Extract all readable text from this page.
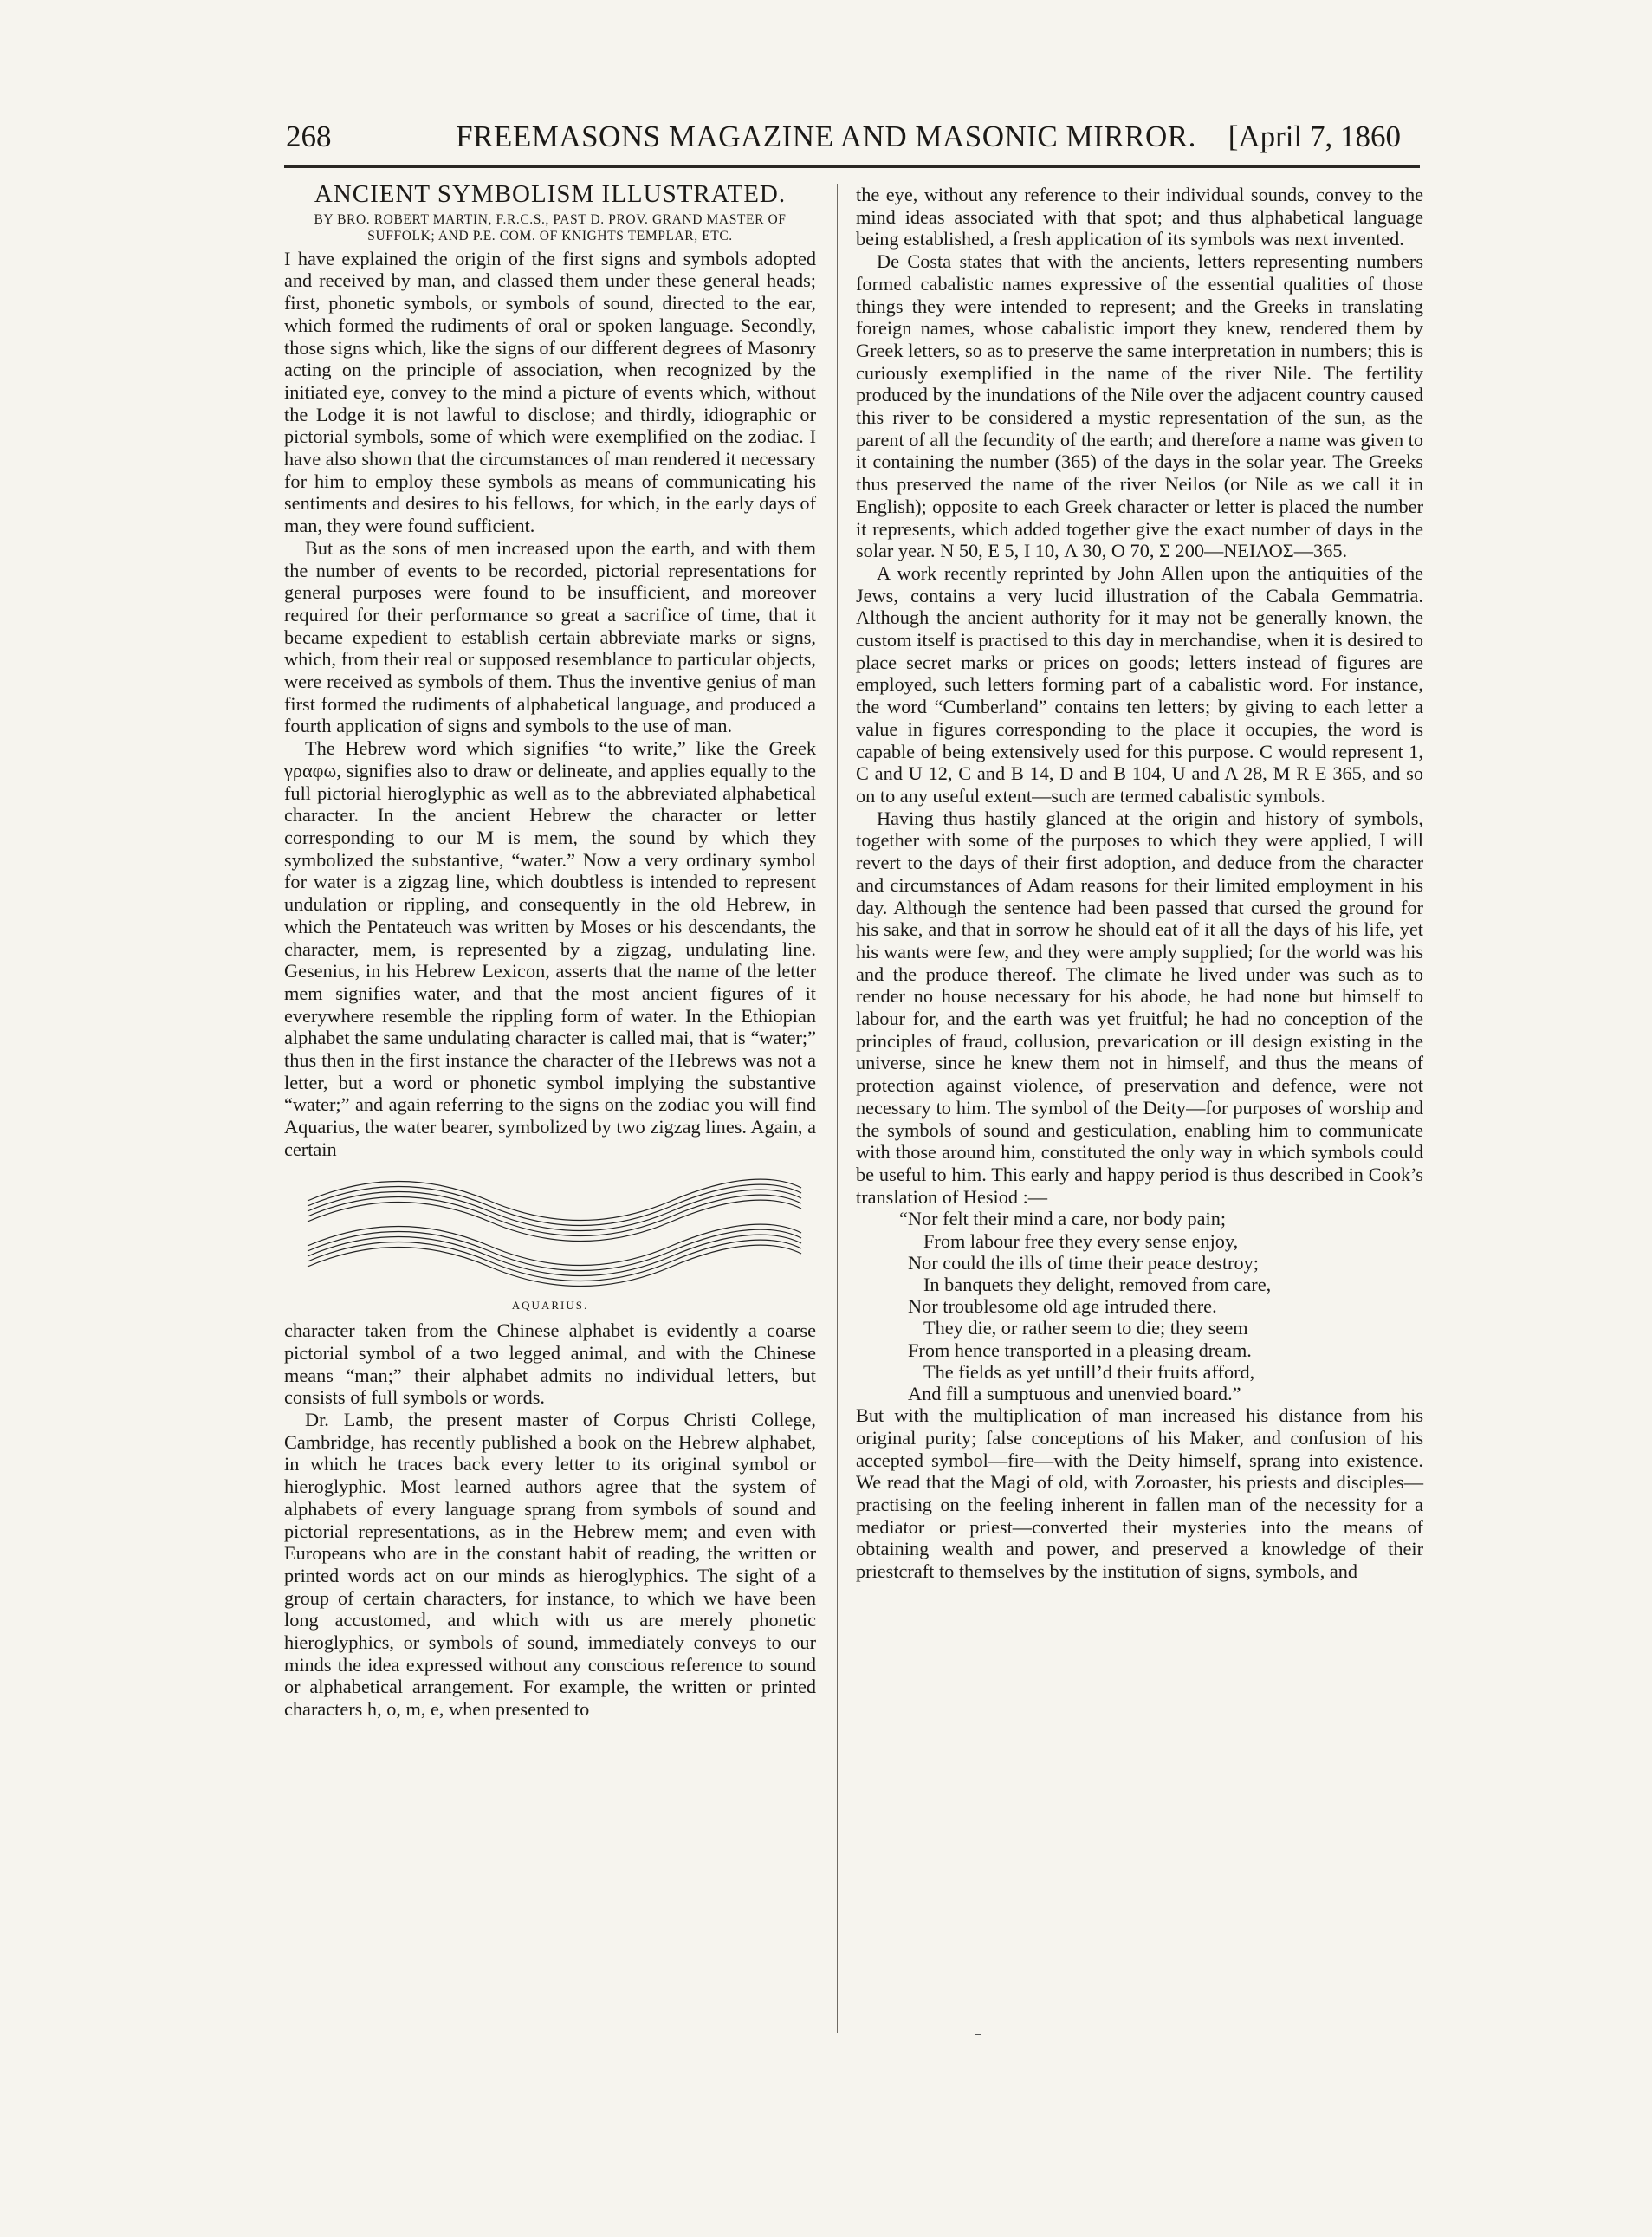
268	FREEMASONS MAGAZINE AND MASONIC MIRROR.	[April 7, 1860
ANCIENT SYMBOLISM ILLUSTRATED.
BY BRO. ROBERT MARTIN, F.R.C.S., PAST D. PROV. GRAND MASTER OF SUFFOLK; AND P.E. COM. OF KNIGHTS TEMPLAR, ETC.

I have explained the origin of the first signs and symbols adopted and received by man, and classed them under these general heads; first, phonetic symbols, or symbols of sound, directed to the ear, which formed the rudiments of oral or spoken language. Secondly, those signs which, like the signs of our different degrees of Masonry acting on the principle of association, when recognized by the initiated eye, convey to the mind a picture of events which, without the Lodge it is not lawful to disclose; and thirdly, idiographic or pictorial symbols, some of which were exemplified on the zodiac. I have also shown that the circumstances of man rendered it necessary for him to employ these symbols as means of communicating his sentiments and desires to his fellows, for which, in the early days of man, they were found sufficient.

But as the sons of men increased upon the earth, and with them the number of events to be recorded, pictorial representations for general purposes were found to be insufficient, and moreover required for their performance so great a sacrifice of time, that it became expedient to establish certain abbreviate marks or signs, which, from their real or supposed resemblance to particular objects, were received as symbols of them. Thus the inventive genius of man first formed the rudiments of alphabetical language, and produced a fourth application of signs and symbols to the use of man.

The Hebrew word which signifies “to write,” like the Greek γραφω, signifies also to draw or delineate, and applies equally to the full pictorial hieroglyphic as well as to the abbreviated alphabetical character. In the ancient Hebrew the character or letter corresponding to our M is mem, the sound by which they symbolized the substantive, “water.” Now a very ordinary symbol for water is a zigzag line, which doubtless is intended to represent undulation or rippling, and consequently in the old Hebrew, in which the Pentateuch was written by Moses or his descendants, the character, mem, is represented by a zigzag, undulating line. Gesenius, in his Hebrew Lexicon, asserts that the name of the letter mem signifies water, and that the most ancient figures of it everywhere resemble the rippling form of water. In the Ethiopian alphabet the same undulating character is called mai, that is “water;” thus then in the first instance the character of the Hebrews was not a letter, but a word or phonetic symbol implying the substantive “water;” and again referring to the signs on the zodiac you will find Aquarius, the water bearer, symbolized by two zigzag lines. Again, a certain

AQUARIUS.

character taken from the Chinese alphabet is evidently a coarse pictorial symbol of a two legged animal, and with the Chinese means “man;” their alphabet admits no individual letters, but consists of full symbols or words.

Dr. Lamb, the present master of Corpus Christi College, Cambridge, has recently published a book on the Hebrew alphabet, in which he traces back every letter to its original symbol or hieroglyphic. Most learned authors agree that the system of alphabets of every language sprang from symbols of sound and pictorial representations, as in the Hebrew mem; and even with Europeans who are in the constant habit of reading, the written or printed words act on our minds as hieroglyphics. The sight of a group of certain characters, for instance, to which we have been long accustomed, and which with us are merely phonetic hieroglyphics, or symbols of sound, immediately conveys to our minds the idea expressed without any conscious reference to sound or alphabetical arrangement. For example, the written or printed characters h, o, m, e, when presented to

the eye, without any reference to their individual sounds, convey to the mind ideas associated with that spot; and thus alphabetical language being established, a fresh application of its symbols was next invented.

De Costa states that with the ancients, letters representing numbers formed cabalistic names expressive of the essential qualities of those things they were intended to represent; and the Greeks in translating foreign names, whose cabalistic import they knew, rendered them by Greek letters, so as to preserve the same interpretation in numbers; this is curiously exemplified in the name of the river Nile. The fertility produced by the inundations of the Nile over the adjacent country caused this river to be considered a mystic representation of the sun, as the parent of all the fecundity of the earth; and therefore a name was given to it containing the number (365) of the days in the solar year. The Greeks thus preserved the name of the river Neilos (or Nile as we call it in English); opposite to each Greek character or letter is placed the number it represents, which added together give the exact number of days in the solar year. N 50, E 5, I 10, Λ 30, O 70, Σ 200—ΝΕΙΛΟΣ—365.

A work recently reprinted by John Allen upon the antiquities of the Jews, contains a very lucid illustration of the Cabala Gemmatria. Although the ancient authority for it may not be generally known, the custom itself is practised to this day in merchandise, when it is desired to place secret marks or prices on goods; letters instead of figures are employed, such letters forming part of a cabalistic word. For instance, the word “Cumberland” contains ten letters; by giving to each letter a value in figures corresponding to the place it occupies, the word is capable of being extensively used for this purpose. C would represent 1, C and U 12, C and B 14, D and B 104, U and A 28, M R E 365, and so on to any useful extent—such are termed cabalistic symbols.

Having thus hastily glanced at the origin and history of symbols, together with some of the purposes to which they were applied, I will revert to the days of their first adoption, and deduce from the character and circumstances of Adam reasons for their limited employment in his day. Although the sentence had been passed that cursed the ground for his sake, and that in sorrow he should eat of it all the days of his life, yet his wants were few, and they were amply supplied; for the world was his and the produce thereof. The climate he lived under was such as to render no house necessary for his abode, he had none but himself to labour for, and the earth was yet fruitful; he had no conception of the principles of fraud, collusion, prevarication or ill design existing in the universe, since he knew them not in himself, and thus the means of protection against violence, of preservation and defence, were not necessary to him. The symbol of the Deity—for purposes of worship and the symbols of sound and gesticulation, enabling him to communicate with those around him, constituted the only way in which symbols could be useful to him. This early and happy period is thus described in Cook’s translation of Hesiod :—

“Nor felt their mind a care, nor body pain;
From labour free they every sense enjoy,
Nor could the ills of time their peace destroy;
In banquets they delight, removed from care,
Nor troublesome old age intruded there.
They die, or rather seem to die; they seem
From hence transported in a pleasing dream.
The fields as yet untill’d their fruits afford,
And fill a sumptuous and unenvied board.”

But with the multiplication of man increased his distance from his original purity; false conceptions of his Maker, and confusion of his accepted symbol—fire—with the Deity himself, sprang into existence. We read that the Magi of old, with Zoroaster, his priests and disciples—practising on the feeling inherent in fallen man of the necessity for a mediator or priest—converted their mysteries into the means of obtaining wealth and power, and preserved a knowledge of their priestcraft to themselves by the institution of signs, symbols, and
